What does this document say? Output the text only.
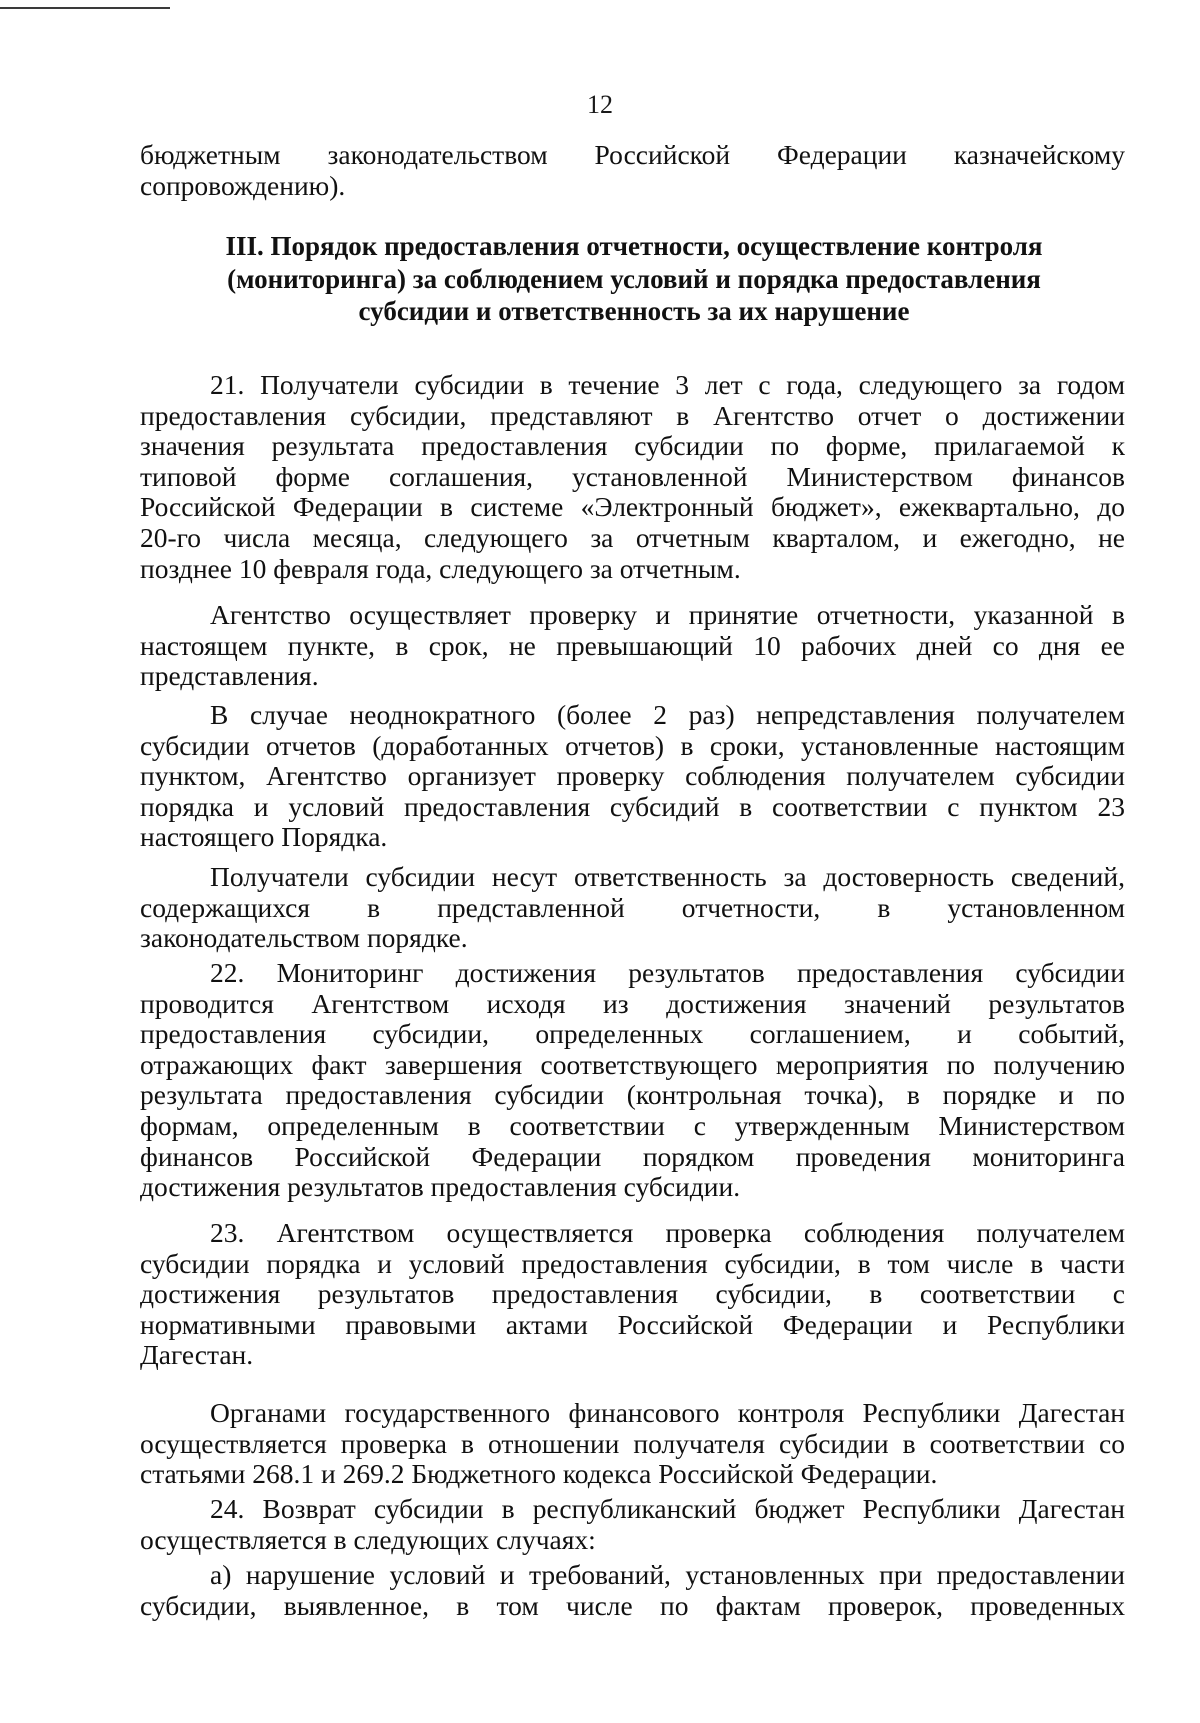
12
бюджетным законодательством Российской Федерации казначейскому
сопровождению).
III. Порядок предоставления отчетности, осуществление контроля
(мониторинга) за соблюдением условий и порядка предоставления
субсидии и ответственность за их нарушение
21. Получатели субсидии в течение 3 лет с года, следующего за годом
предоставления субсидии, представляют в Агентство отчет о достижении
значения результата предоставления субсидии по форме, прилагаемой к
типовой форме соглашения, установленной Министерством финансов
Российской Федерации в системе «Электронный бюджет», ежеквартально, до
20-го числа месяца, следующего за отчетным кварталом, и ежегодно, не
позднее 10 февраля года, следующего за отчетным.
Агентство осуществляет проверку и принятие отчетности, указанной в
настоящем пункте, в срок, не превышающий 10 рабочих дней со дня ее
представления.
В случае неоднократного (более 2 раз) непредставления получателем
субсидии отчетов (доработанных отчетов) в сроки, установленные настоящим
пунктом, Агентство организует проверку соблюдения получателем субсидии
порядка и условий предоставления субсидий в соответствии с пунктом 23
настоящего Порядка.
Получатели субсидии несут ответственность за достоверность сведений,
содержащихся в представленной отчетности, в установленном
законодательством порядке.
22. Мониторинг достижения результатов предоставления субсидии
проводится Агентством исходя из достижения значений результатов
предоставления субсидии, определенных соглашением, и событий,
отражающих факт завершения соответствующего мероприятия по получению
результата предоставления субсидии (контрольная точка), в порядке и по
формам, определенным в соответствии с утвержденным Министерством
финансов Российской Федерации порядком проведения мониторинга
достижения результатов предоставления субсидии.
23. Агентством осуществляется проверка соблюдения получателем
субсидии порядка и условий предоставления субсидии, в том числе в части
достижения результатов предоставления субсидии, в соответствии с
нормативными правовыми актами Российской Федерации и Республики
Дагестан.
Органами государственного финансового контроля Республики Дагестан
осуществляется проверка в отношении получателя субсидии в соответствии со
статьями 268.1 и 269.2 Бюджетного кодекса Российской Федерации.
24. Возврат субсидии в республиканский бюджет Республики Дагестан
осуществляется в следующих случаях:
а) нарушение условий и требований, установленных при предоставлении
субсидии, выявленное, в том числе по фактам проверок, проведенных
